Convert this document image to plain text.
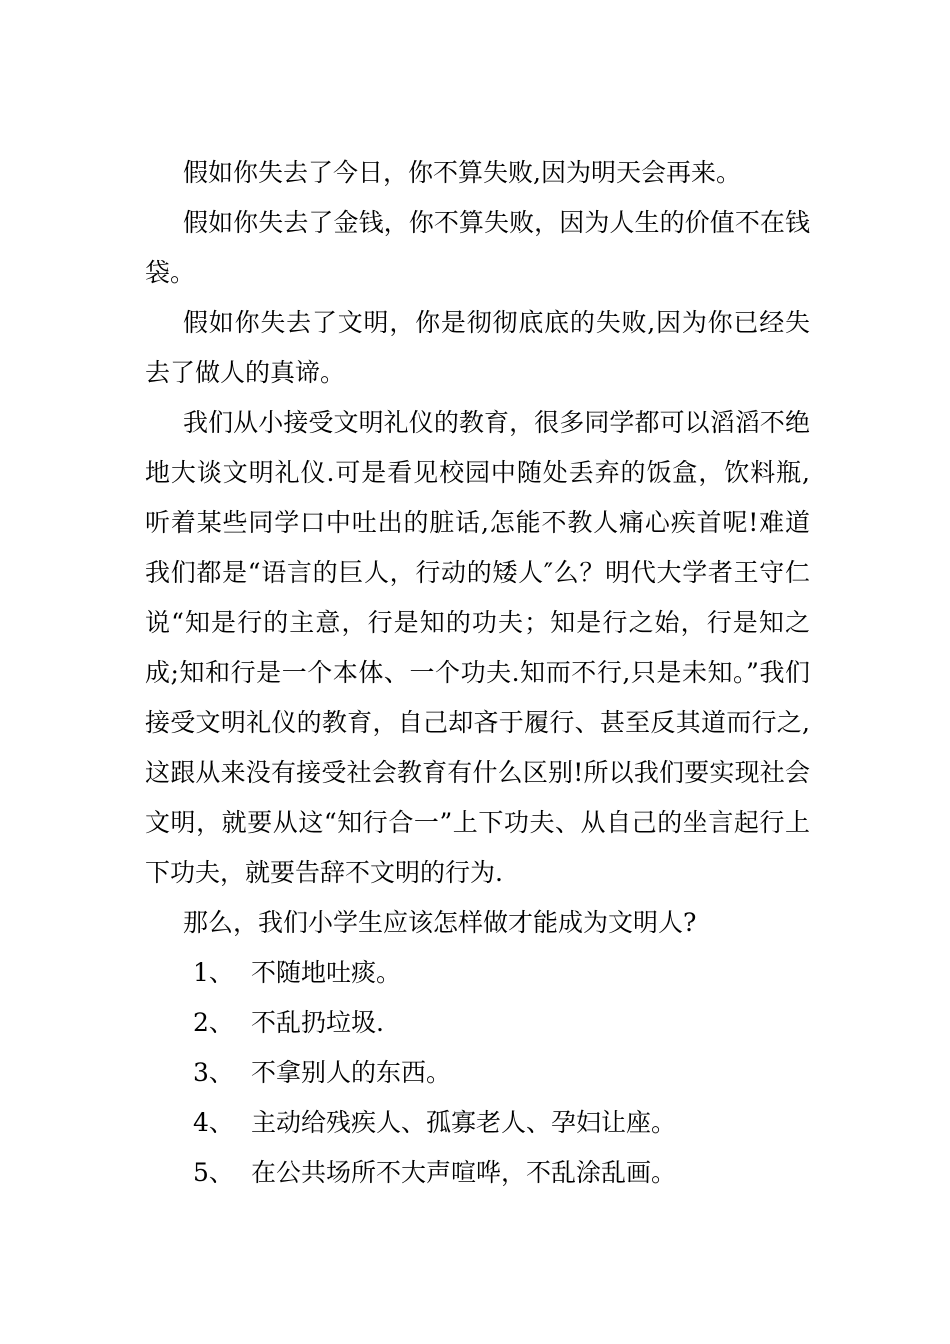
假如你失去了今日，你不算失败,因为明天会再来。

假如你失去了金钱，你不算失败，因为人生的价值不在钱袋。

假如你失去了文明，你是彻彻底底的失败,因为你已经失去了做人的真谛。

我们从小接受文明礼仪的教育，很多同学都可以滔滔不绝地大谈文明礼仪.可是看见校园中随处丢弃的饭盒，饮料瓶,听着某些同学口中吐出的脏话,怎能不教人痛心疾首呢!难道我们都是“语言的巨人，行动的矮人″么？明代大学者王守仁说“知是行的主意，行是知的功夫；知是行之始，行是知之成;知和行是一个本体、一个功夫.知而不行,只是未知。”我们接受文明礼仪的教育，自己却吝于履行、甚至反其道而行之,这跟从来没有接受社会教育有什么区别!所以我们要实现社会文明，就要从这“知行合一”上下功夫、从自己的坐言起行上下功夫，就要告辞不文明的行为.

那么，我们小学生应该怎样做才能成为文明人?

1、 不随地吐痰。
2、 不乱扔垃圾.
3、 不拿别人的东西。
4、 主动给残疾人、孤寡老人、孕妇让座。
5、 在公共场所不大声喧哗，不乱涂乱画。
